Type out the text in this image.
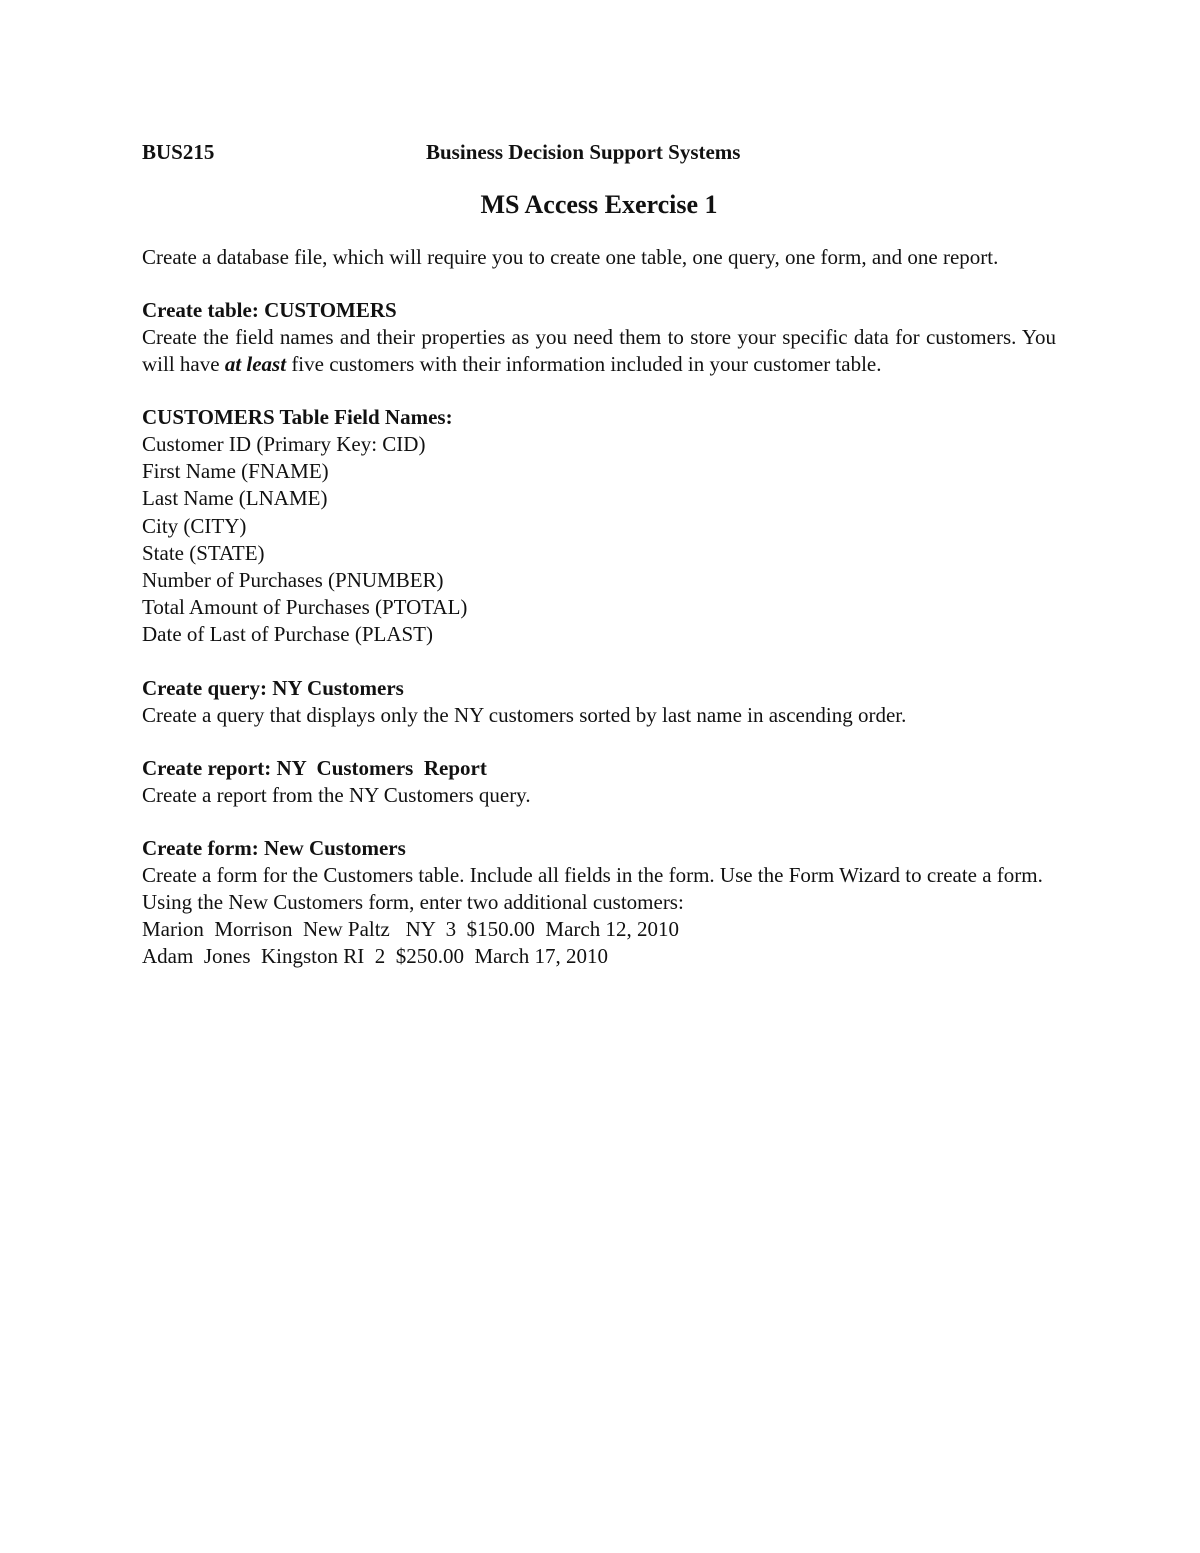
BUS215	Business Decision Support Systems
MS Access Exercise 1
Create a database file, which will require you to create one table, one query, one form, and one report.
Create table: CUSTOMERS
Create the field names and their properties as you need them to store your specific data for customers. You will have at least five customers with their information included in your customer table.
CUSTOMERS Table Field Names:
Customer ID (Primary Key: CID)
First Name (FNAME)
Last Name (LNAME)
City (CITY)
State (STATE)
Number of Purchases (PNUMBER)
Total Amount of Purchases (PTOTAL)
Date of Last of Purchase (PLAST)
Create query: NY Customers
Create a query that displays only the NY customers sorted by last name in ascending order.
Create report: NY  Customers  Report
Create a report from the NY Customers query.
Create form: New Customers
Create a form for the Customers table. Include all fields in the form. Use the Form Wizard to create a form. Using the New Customers form, enter two additional customers:
Marion  Morrison  New Paltz   NY  3  $150.00  March 12, 2010
Adam  Jones  Kingston RI  2  $250.00  March 17, 2010
